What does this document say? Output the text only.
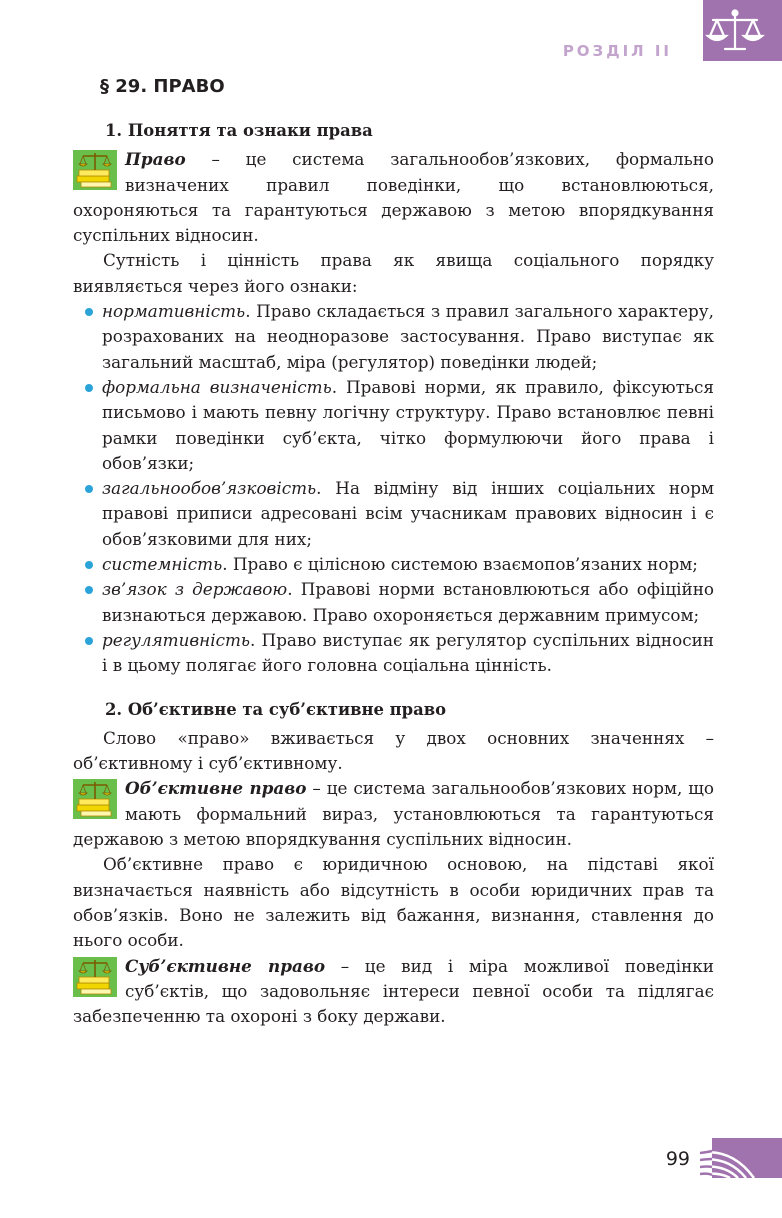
РОЗДІЛ II
§ 29. ПРАВО
1. Поняття та ознаки права

Право – це система загальнообов’язкових, формально визначених правил поведінки, що встановлюються, охороняються та гарантуються державою з метою впорядкування суспільних відносин.

Сутність і цінність права як явища соціального порядку виявляється через його ознаки:

нормативність. Право складається з правил загального характеру, розрахованих на неодноразове застосування. Право виступає як загальний масштаб, міра (регулятор) поведінки людей;
формальна визначеність. Правові норми, як правило, фіксуються письмово і мають певну логічну структуру. Право встановлює певні рамки поведінки суб’єкта, чітко формулюючи його права і обов’язки;
загальнообов’язковість. На відміну від інших соціальних норм правові приписи адресовані всім учасникам правових відносин і є обов’язковими для них;
системність. Право є цілісною системою взаємопов’язаних норм;
зв’язок з державою. Правові норми встановлюються або офіційно визнаються державою. Право охороняється державним примусом;
регулятивність. Право виступає як регулятор суспільних відносин і в цьому полягає його головна соціальна цінність.
2. Об’єктивне та суб’єктивне право

Слово «право» вживається у двох основних значеннях – об’єктивному і суб’єктивному.

Об’єктивне право – це система загальнообов’язкових норм, що мають формальний вираз, установлюються та гарантуються державою з метою впорядкування суспільних відносин.

Об’єктивне право є юридичною основою, на підставі якої визначається наявність або відсутність в особи юридичних прав та обов’язків. Воно не залежить від бажання, визнання, ставлення до нього особи.

Суб’єктивне право – це вид і міра можливої поведінки суб’єктів, що задовольняє інтереси певної особи та підлягає забезпеченню та охороні з боку держави.

99
